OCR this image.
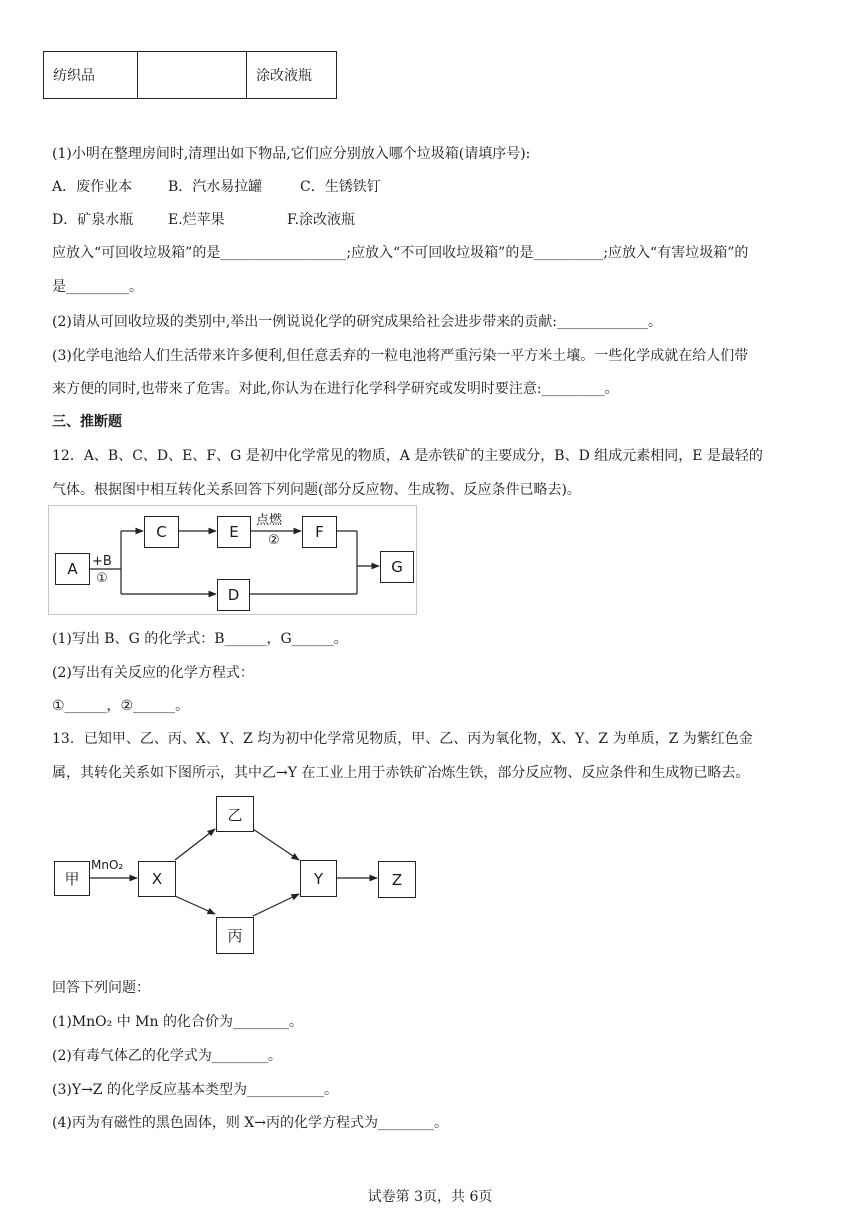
纺织品		涂改液瓶
(1)小明在整理房间时,清理出如下物品,它们应分别放入哪个垃圾箱(请填序号):
A．废作业本	B．汽水易拉罐	C．生锈铁钉
D．矿泉水瓶 E.烂苹果	F.涂改液瓶
应放入“可回收垃圾箱”的是__________________;应放入“不可回收垃圾箱”的是__________;应放入“有害垃圾箱”的
是_________。
(2)请从可回收垃圾的类别中,举出一例说说化学的研究成果给社会进步带来的贡献:_____________。
(3)化学电池给人们生活带来许多便利,但任意丢弃的一粒电池将严重污染一平方米土壤。一些化学成就在给人们带
来方便的同时,也带来了危害。对此,你认为在进行化学科学研究或发明时要注意:_________。
三、推断题
12．A、B、C、D、E、F、G 是初中化学常见的物质，A 是赤铁矿的主要成分，B、D 组成元素相同，E 是最轻的
气体。根据图中相互转化关系回答下列问题(部分反应物、生成物、反应条件已略去)。
A
C	E	F
D
G
+B
①
点燃
②
(1)写出 B、G 的化学式：B______，G______。
(2)写出有关反应的化学方程式：
①______，②______。
13．已知甲、乙、丙、X、Y、Z 均为初中化学常见物质，甲、乙、丙为氧化物，X、Y、Z 为单质，Z 为紫红色金
属，其转化关系如下图所示，其中乙→Y 在工业上用于赤铁矿冶炼生铁，部分反应物、反应条件和生成物已略去。
甲	X
乙
丙
Y	Z
MnO₂
回答下列问题：
(1)MnO₂ 中 Mn 的化合价为________。
(2)有毒气体乙的化学式为________。
(3)Y→Z 的化学反应基本类型为___________。
(4)丙为有磁性的黑色固体，则 X→丙的化学方程式为________。
试卷第 3页，共 6页
